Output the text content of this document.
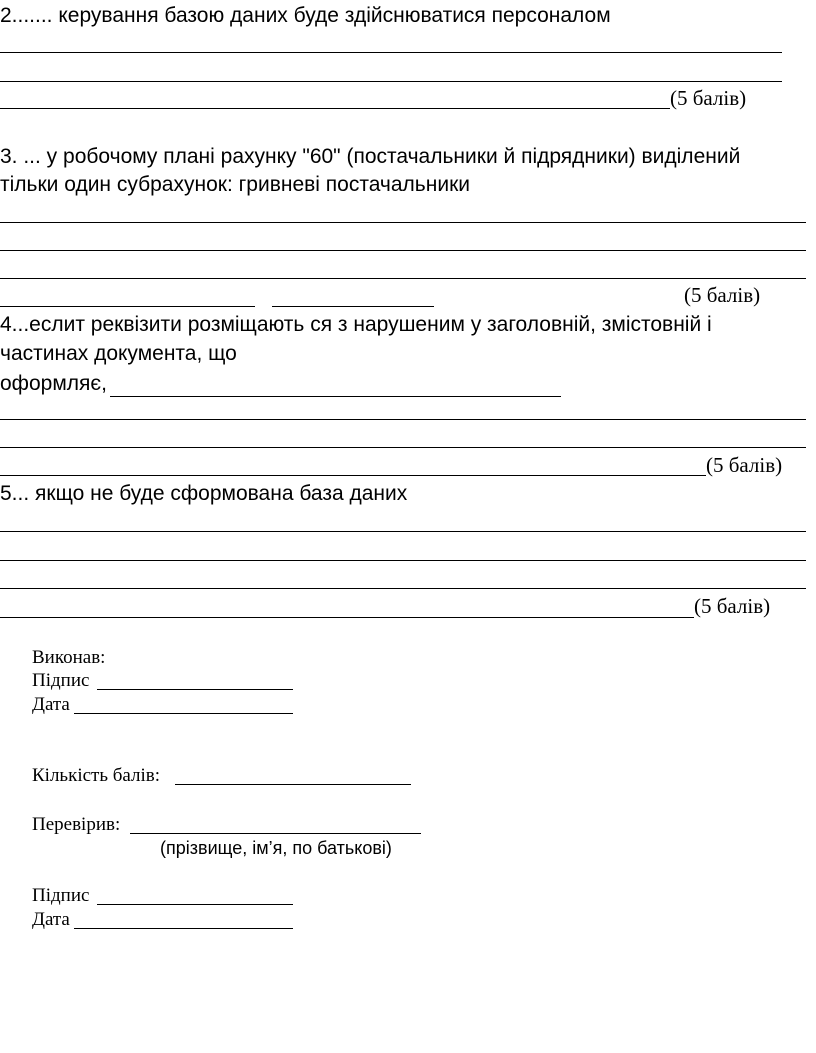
2....... керування базою даних буде здійснюватися персоналом
(5 балів)
3. ... у робочому плані рахунку "60" (постачальники й підрядники) виділений
тільки один субрахунок: гривневі постачальники
(5 балів)
4...еслит реквізити розміщають ся з нарушеним у заголовній, змістовній і
частинах документа, що
оформляє,
(5 балів)
5... якщо не буде сформована база даних
(5 балів)
Виконав:
Підпис
Дата
Кількість балів:
Перевірив:
(прізвище, ім’я, по батькові)
Підпис
Дата
